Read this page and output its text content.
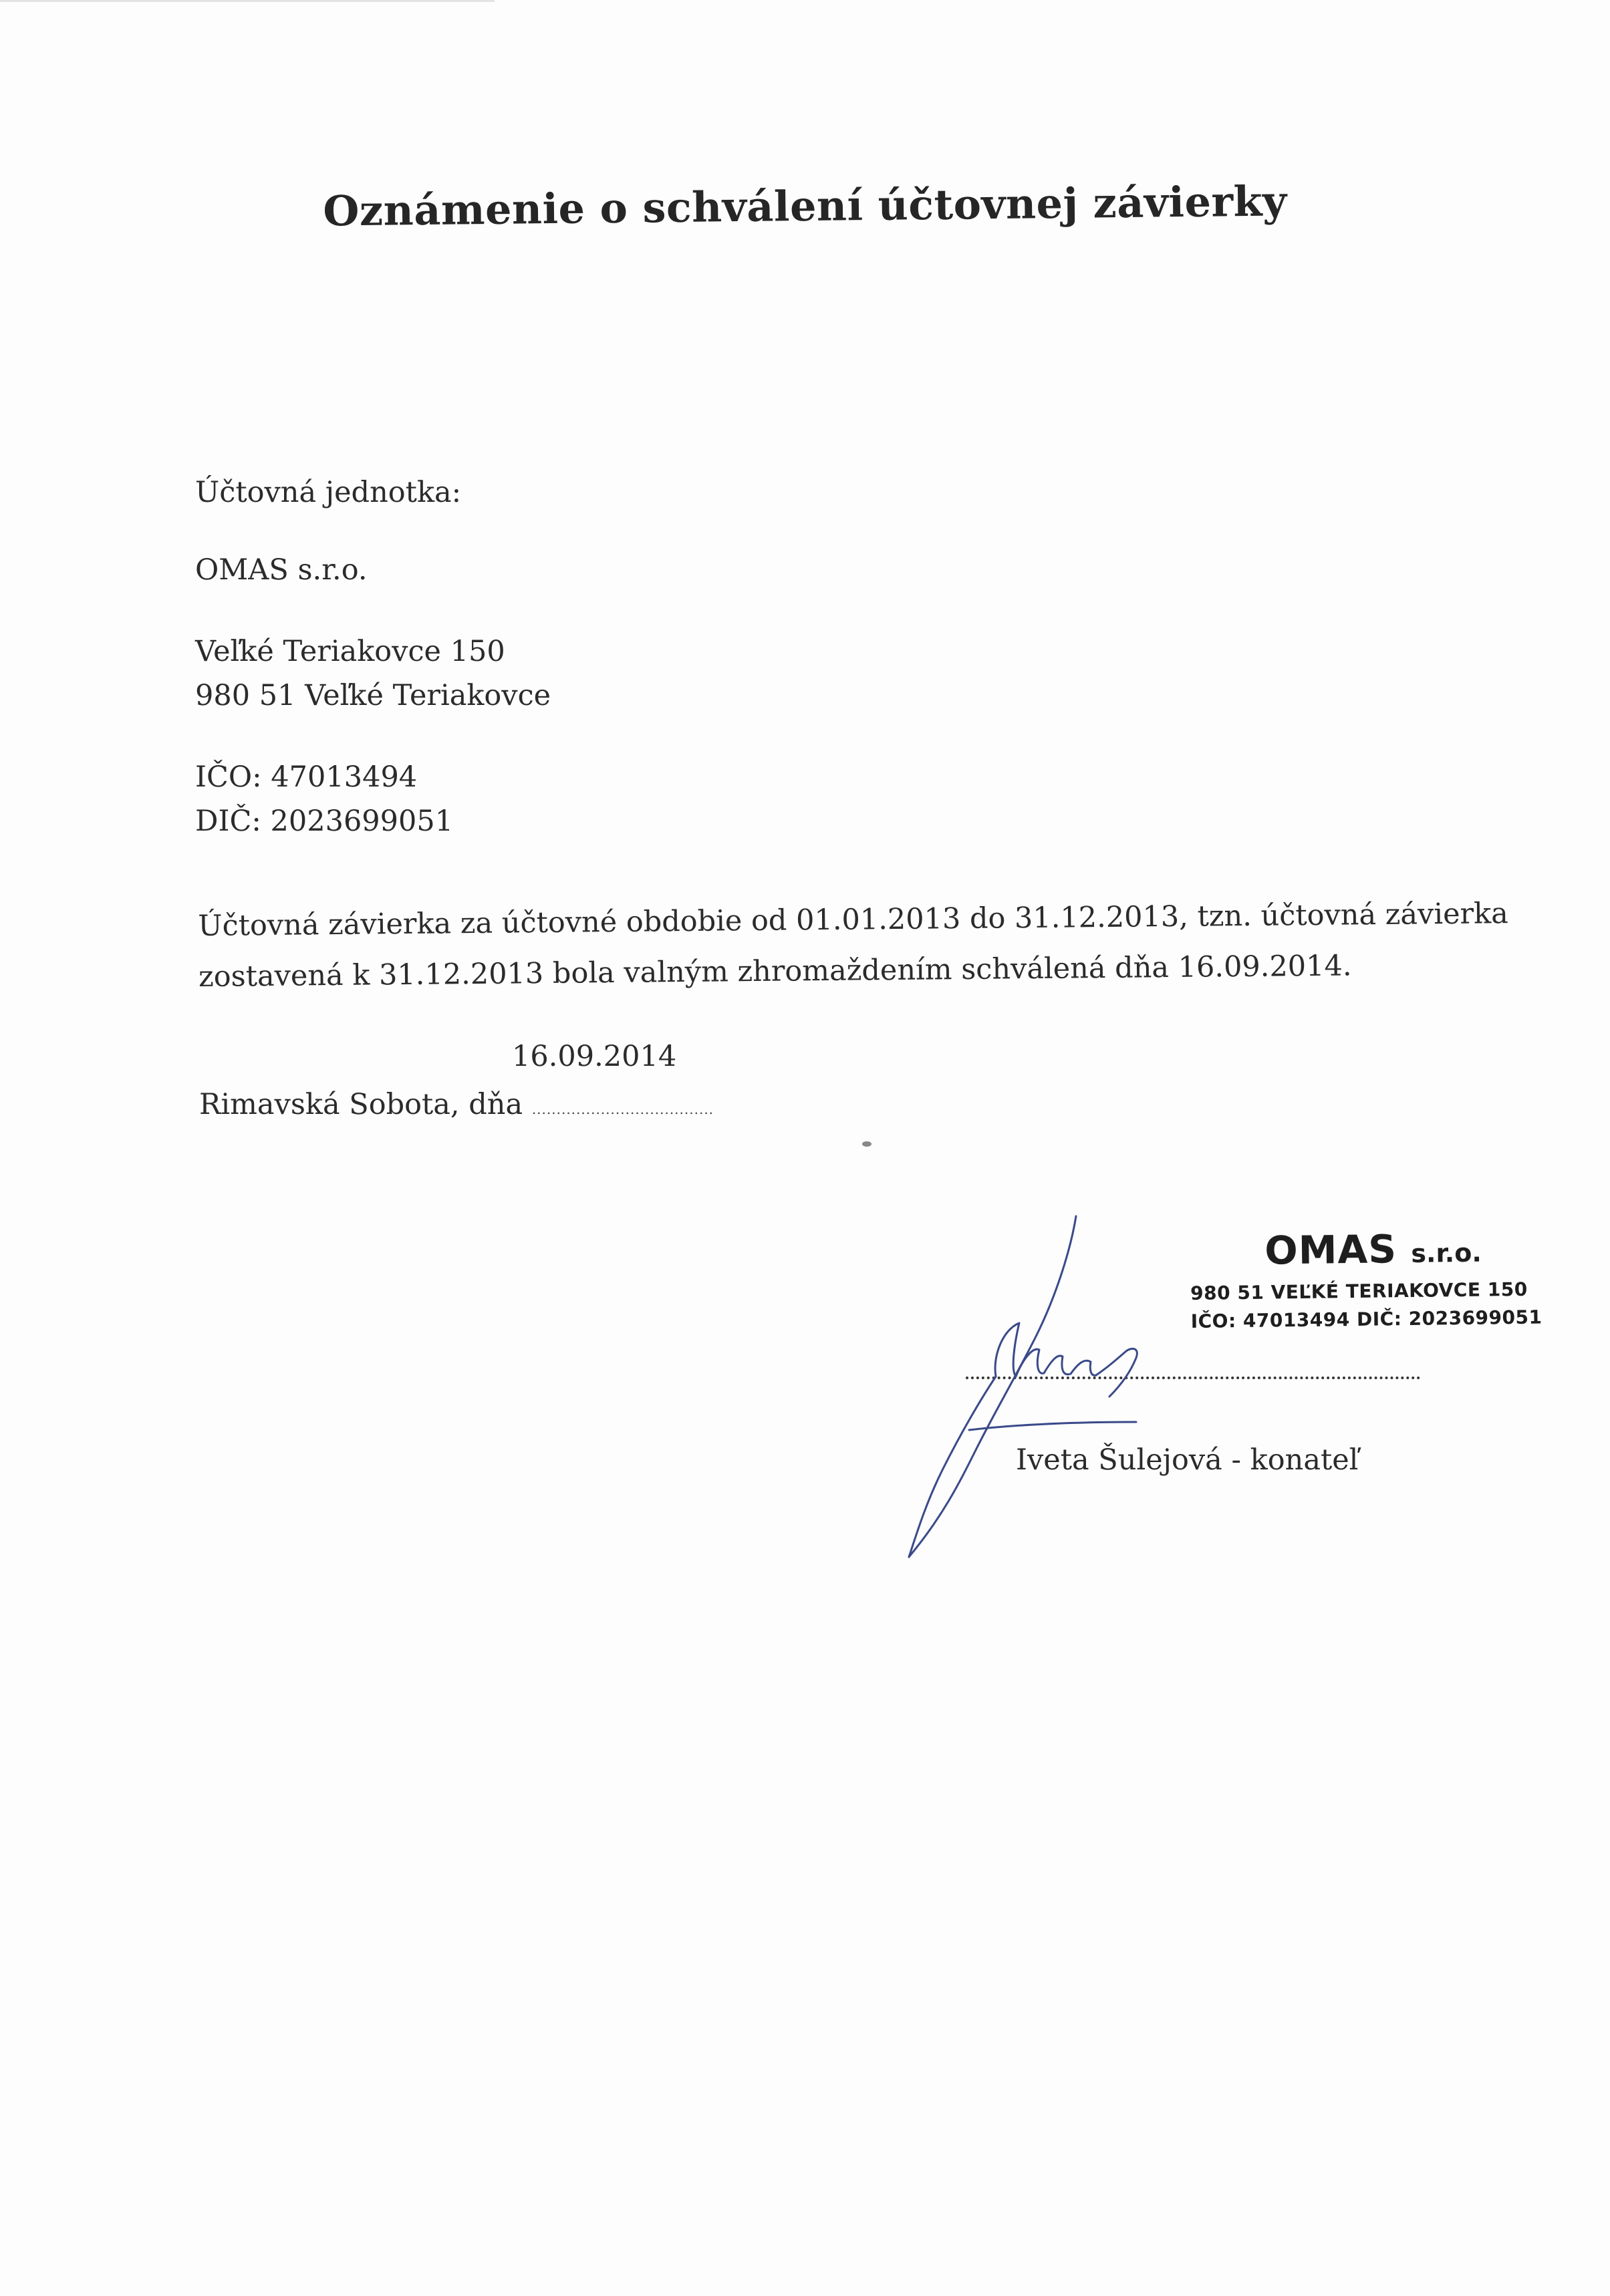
Oznámenie o schválení účtovnej závierky
Účtovná jednotka:
OMAS s.r.o.
Veľké Teriakovce 150
980 51 Veľké Teriakovce
IČO: 47013494
DIČ: 2023699051
Účtovná závierka za účtovné obdobie od 01.01.2013 do 31.12.2013, tzn. účtovná závierka
zostavená k 31.12.2013 bola valným zhromaždením schválená dňa 16.09.2014.
16.09.2014
Rimavská Sobota, dňa .....................................
OMAS s.r.o.
980 51 VEĽKÉ TERIAKOVCE 150
IČO: 47013494 DIČ: 2023699051
Iveta Šulejová - konateľ
